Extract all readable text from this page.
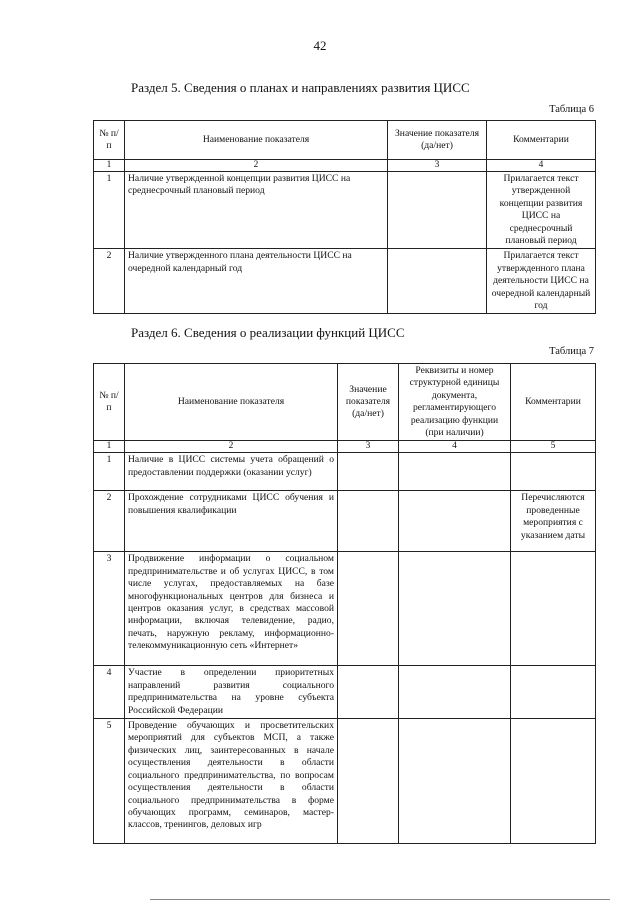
42
Раздел 5. Сведения о планах и направлениях развития ЦИСС
Таблица 6
№ п/п	Наименование показателя	Значение показателя (да/нет)	Комментарии
1	2	3	4
1	Наличие утвержденной концепции развития ЦИСС на среднесрочный плановый период		Прилагается текст утвержденной концепции развития ЦИСС на среднесрочный плановый период
2	Наличие утвержденного плана деятельности ЦИСС на очередной календарный год		Прилагается текст утвержденного плана деятельности ЦИСС на очередной календарный год
Раздел 6. Сведения о реализации функций ЦИСС
Таблица 7
№ п/п	Наименование показателя	Значение показателя (да/нет)	Реквизиты и номер структурной единицы документа, регламентирующего реализацию функции (при наличии)	Комментарии
1	2	3	4	5
1	Наличие в ЦИСС системы учета обращений о предоставлении поддержки (оказании услуг)			
2	Прохождение сотрудниками ЦИСС обучения и повышения квалификации			Перечисляются проведенные мероприятия с указанием даты
3	Продвижение информации о социальном предпринимательстве и об услугах ЦИСС, в том числе услугах, предоставляемых на базе многофункциональных центров для бизнеса и центров оказания услуг, в средствах массовой информации, включая телевидение, радио, печать, наружную рекламу, информационно-телекоммуникационную сеть «Интернет»			
4	Участие в определении приоритетных направлений развития социального предпринимательства на уровне субъекта Российской Федерации			
5	Проведение обучающих и просветительских мероприятий для субъектов МСП, а также физических лиц, заинтересованных в начале осуществления деятельности в области социального предпринимательства, по вопросам осуществления деятельности в области социального предпринимательства в форме обучающих программ, семинаров, мастер-классов, тренингов, деловых игр			
